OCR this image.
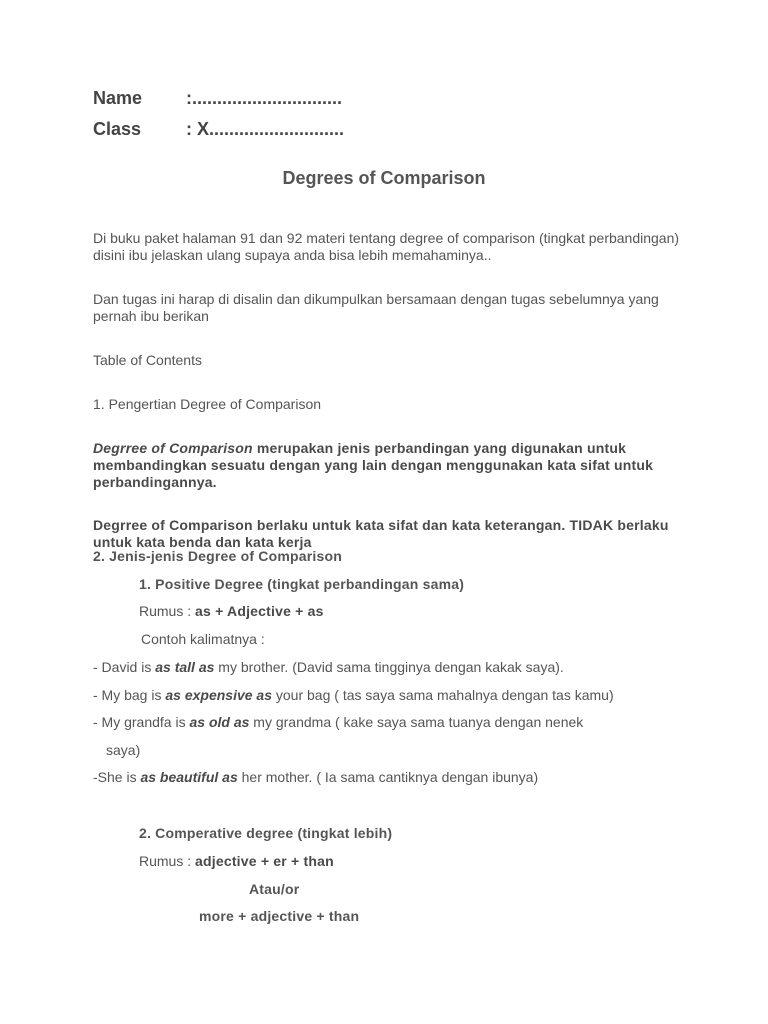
Name :..............................
Class : X...........................
Degrees of Comparison

Di buku paket halaman 91 dan 92 materi tentang degree of comparison (tingkat perbandingan) disini ibu jelaskan ulang supaya anda bisa lebih memahaminya..

Dan tugas ini harap di disalin dan dikumpulkan bersamaan dengan tugas sebelumnya yang pernah ibu berikan

Table of Contents

1. Pengertian Degree of Comparison

Degrree of Comparison merupakan jenis perbandingan yang digunakan untuk membandingkan sesuatu dengan yang lain dengan menggunakan kata sifat untuk perbandingannya.

Degrree of Comparison berlaku untuk kata sifat dan kata keterangan. TIDAK berlaku untuk kata benda dan kata kerja

2. Jenis-jenis Degree of Comparison
1. Positive Degree (tingkat perbandingan sama)
Rumus : as + Adjective + as
Contoh kalimatnya :
- David is as tall as my brother. (David sama tingginya dengan kakak saya).
- My bag is as expensive as your bag ( tas saya sama mahalnya dengan tas kamu)
- My grandfa is as old as my grandma ( kake saya sama tuanya dengan nenek
saya)
-She is as beautiful as her mother. ( Ia sama cantiknya dengan ibunya)
2. Comperative degree (tingkat lebih)
Rumus : adjective + er + than
Atau/or
more + adjective + than
